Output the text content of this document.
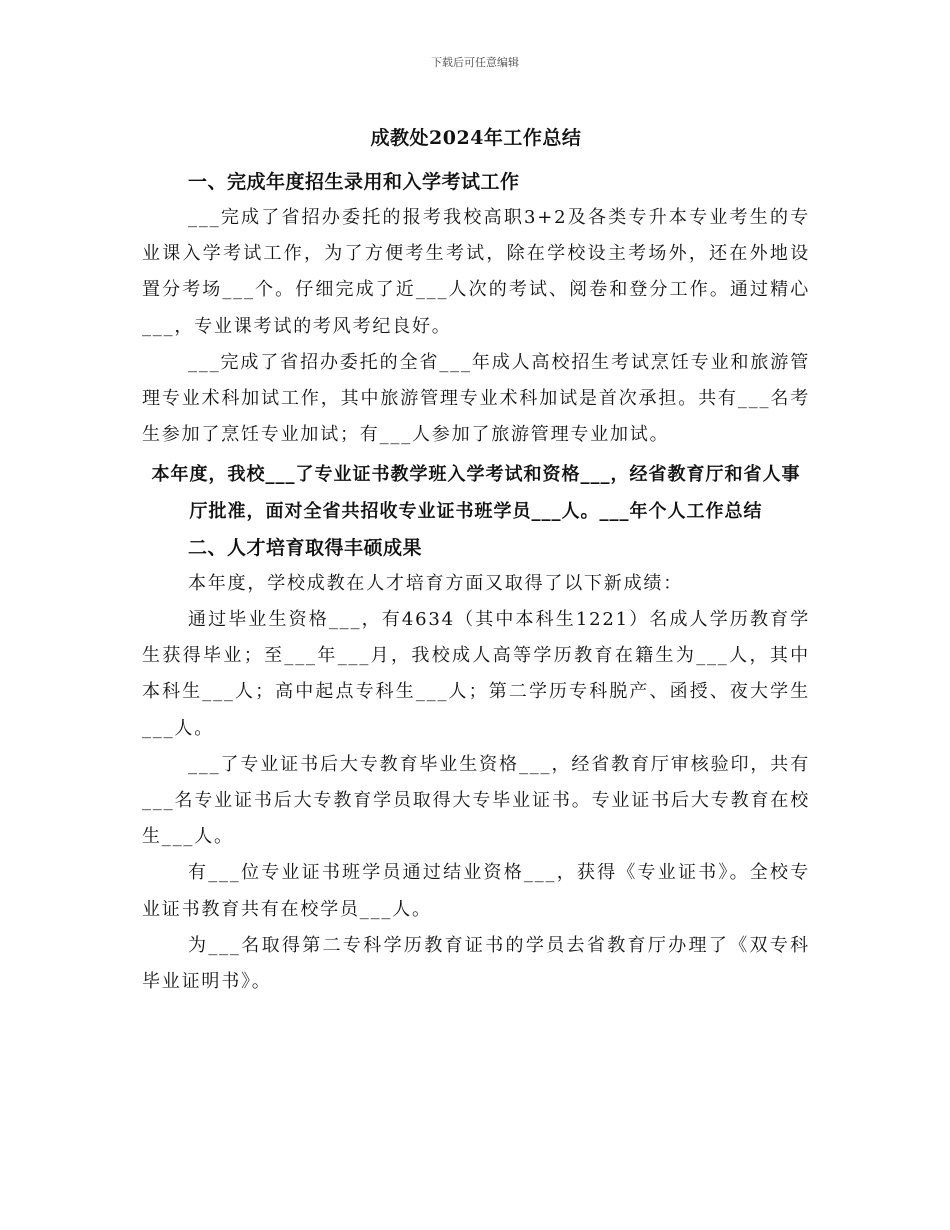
下载后可任意编辑
成教处2024年工作总结
一、完成年度招生录用和入学考试工作

___完成了省招办委托的报考我校高职3+2及各类专升本专业考生的专业课入学考试工作，为了方便考生考试，除在学校设主考场外，还在外地设置分考场___个。仔细完成了近___人次的考试、阅卷和登分工作。通过精心___，专业课考试的考风考纪良好。

___完成了省招办委托的全省___年成人高校招生考试烹饪专业和旅游管理专业术科加试工作，其中旅游管理专业术科加试是首次承担。共有___名考生参加了烹饪专业加试；有___人参加了旅游管理专业加试。

本年度，我校___了专业证书教学班入学考试和资格___，经省教育厅和省人事厅批准，面对全省共招收专业证书班学员___人。___年个人工作总结

二、人才培育取得丰硕成果

本年度，学校成教在人才培育方面又取得了以下新成绩：

通过毕业生资格___，有4634（其中本科生1221）名成人学历教育学生获得毕业；至___年___月，我校成人高等学历教育在籍生为___人，其中本科生___人；高中起点专科生___人；第二学历专科脱产、函授、夜大学生___人。

___了专业证书后大专教育毕业生资格___，经省教育厅审核验印，共有___名专业证书后大专教育学员取得大专毕业证书。专业证书后大专教育在校生___人。

有___位专业证书班学员通过结业资格___，获得《专业证书》。全校专业证书教育共有在校学员___人。

为___名取得第二专科学历教育证书的学员去省教育厅办理了《双专科毕业证明书》。
